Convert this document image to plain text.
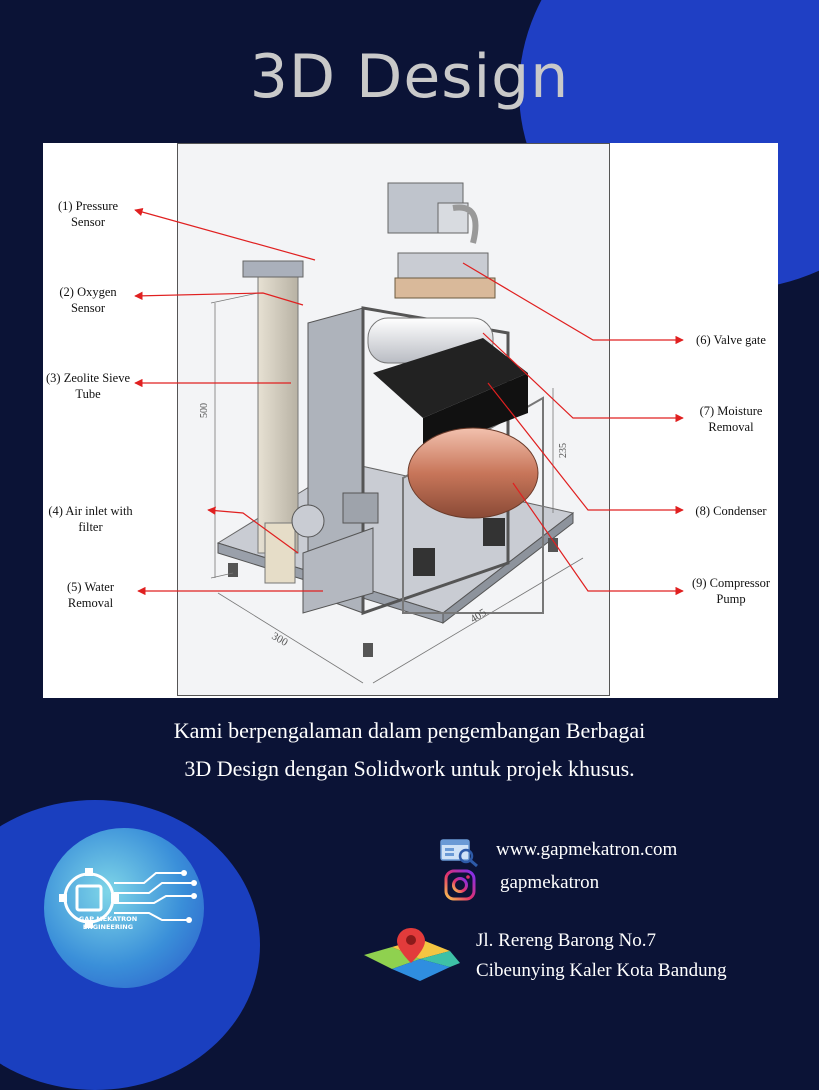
3D Design
500
300
405
235
(1) Pressure Sensor
(2) Oxygen Sensor
(3) Zeolite Sieve Tube
(4) Air inlet with filter
(5) Water Removal
(6) Valve gate
(7) Moisture Removal
(8) Condenser
(9) Compressor Pump
Kami berpengalaman dalam pengembangan Berbagai
3D Design dengan Solidwork untuk projek khusus.
www.gapmekatron.com
gapmekatron
Jl. Rereng Barong No.7
Cibeunying Kaler Kota Bandung
GAP MEKATRON
ENGINEERING
